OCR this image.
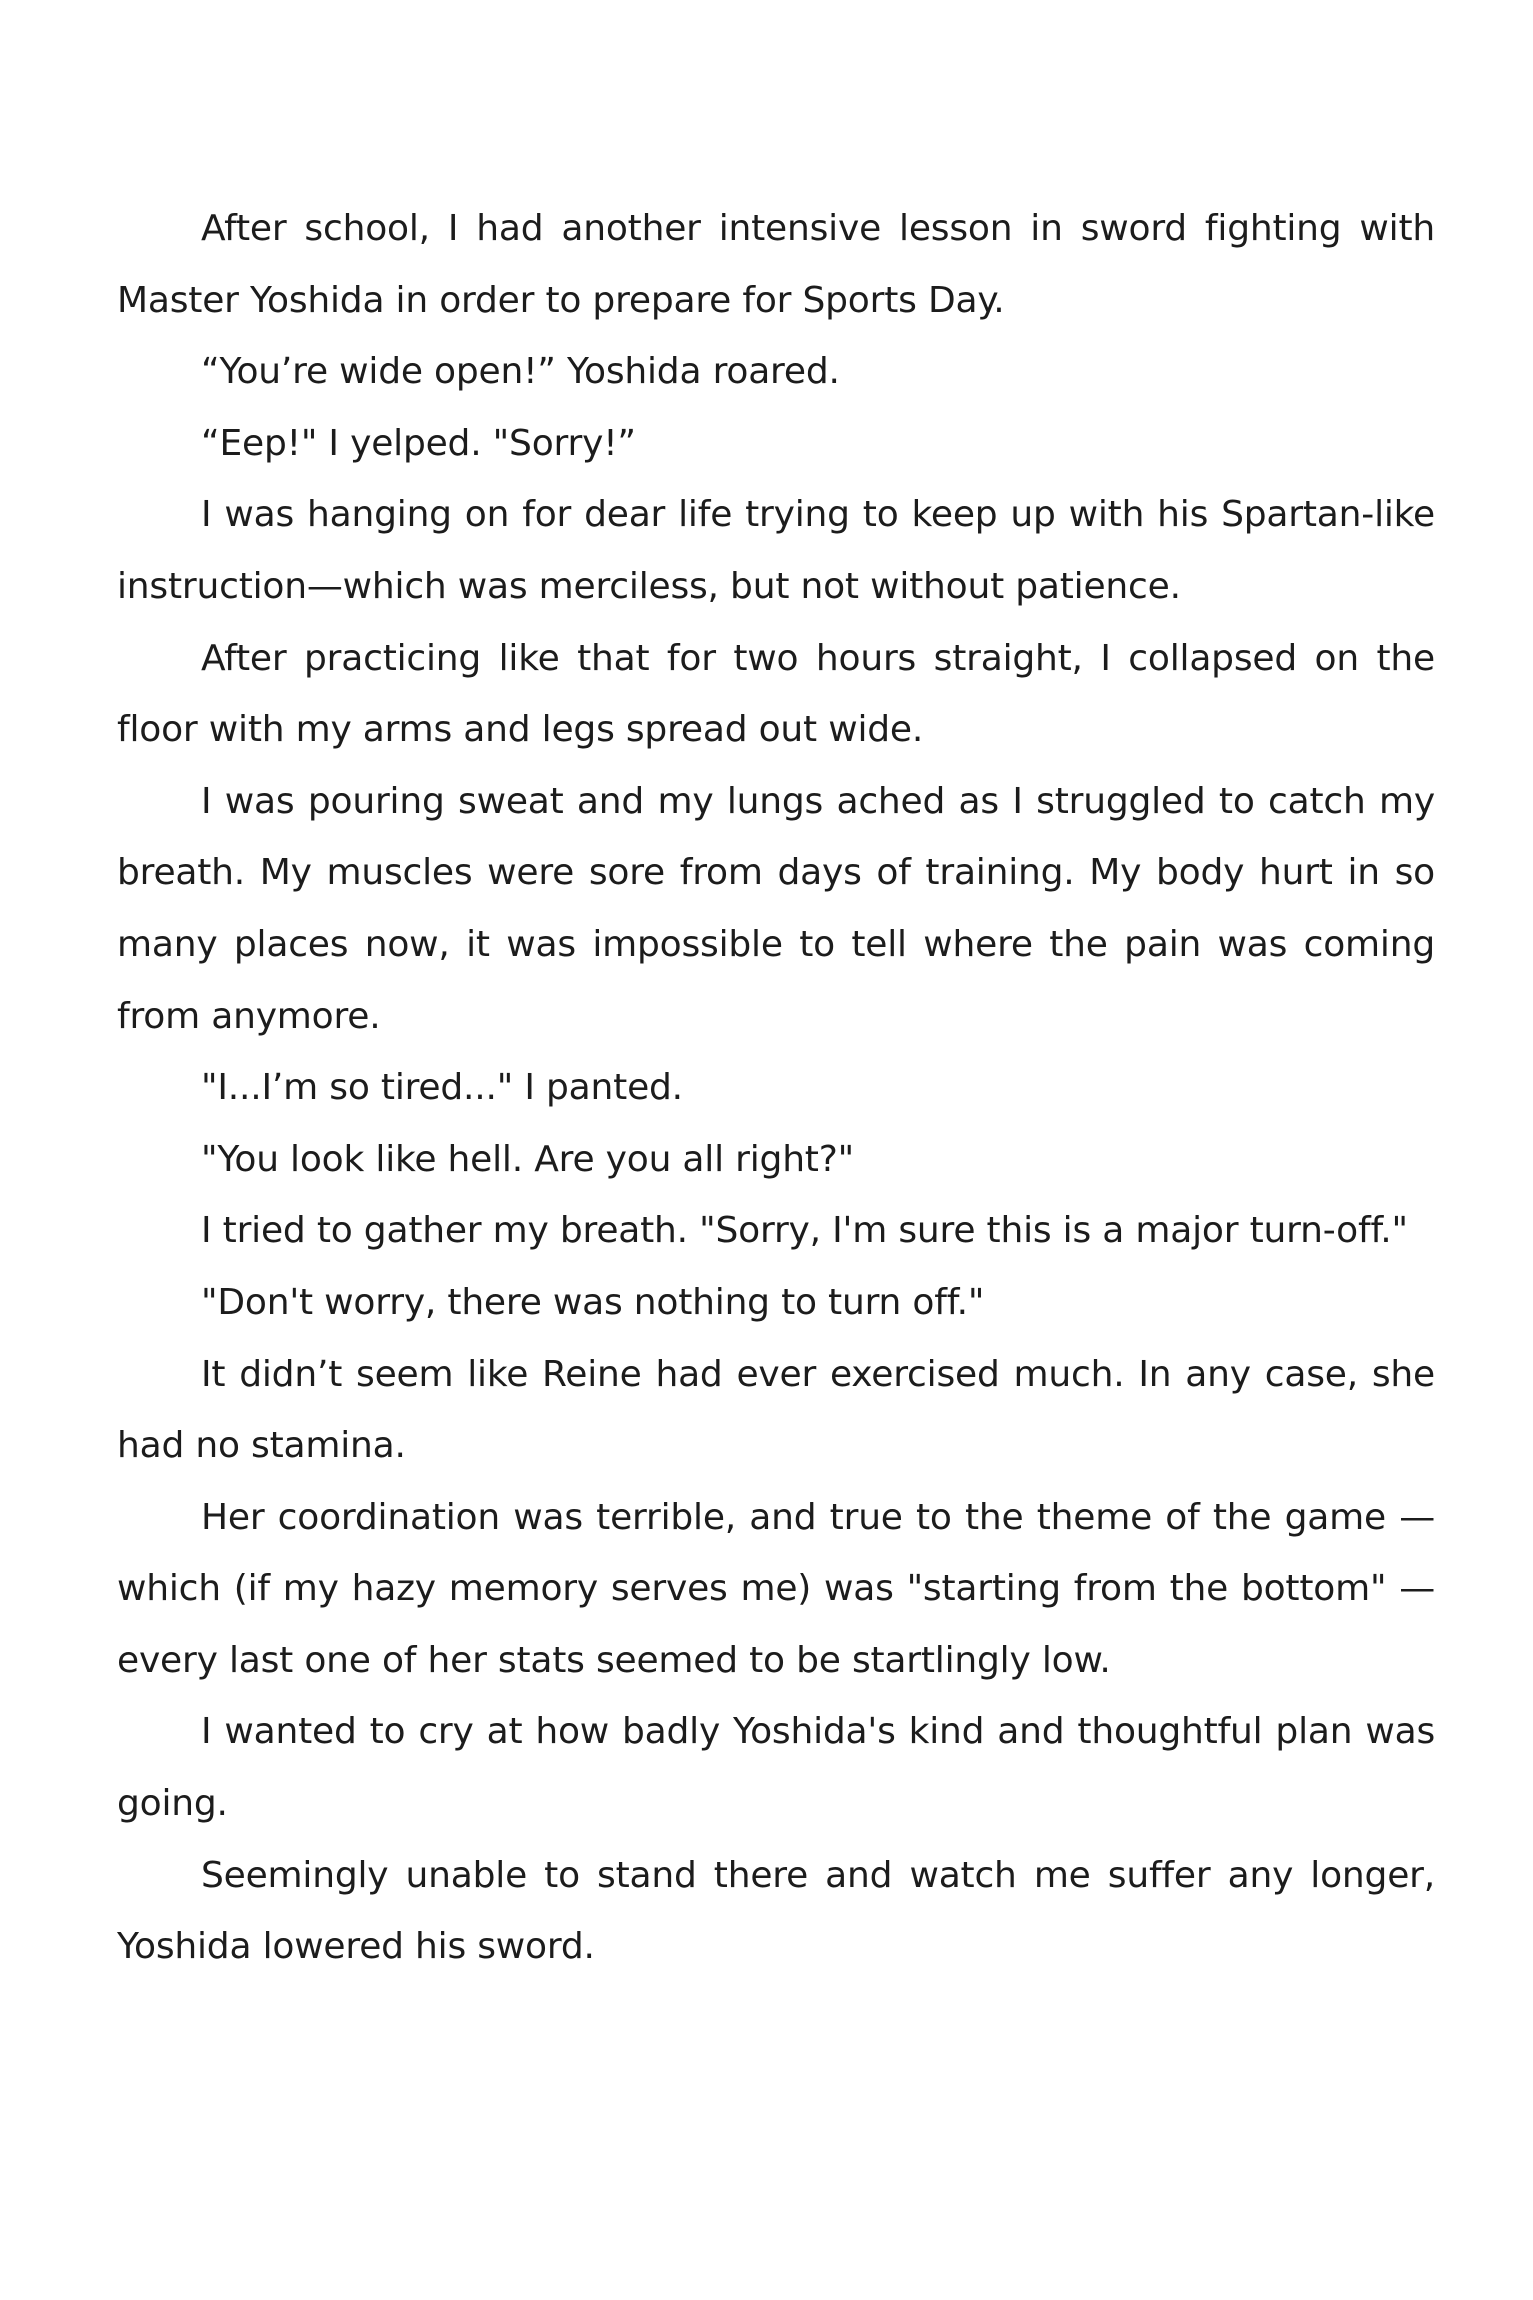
After school, I had another intensive lesson in sword fighting with Master Yoshida in order to prepare for Sports Day.

“You’re wide open!” Yoshida roared.

“Eep!" I yelped. "Sorry!”

I was hanging on for dear life trying to keep up with his Spartan-like instruction—which was merciless, but not without patience.

After practicing like that for two hours straight, I collapsed on the floor with my arms and legs spread out wide.

I was pouring sweat and my lungs ached as I struggled to catch my breath. My muscles were sore from days of training. My body hurt in so many places now, it was impossible to tell where the pain was coming from anymore.

"I...I’m so tired..." I panted.

"You look like hell. Are you all right?"

I tried to gather my breath. "Sorry, I'm sure this is a major turn-off."

"Don't worry, there was nothing to turn off."

It didn’t seem like Reine had ever exercised much. In any case, she had no stamina.

Her coordination was terrible, and true to the theme of the game — which (if my hazy memory serves me) was "starting from the bottom" — every last one of her stats seemed to be startlingly low.

I wanted to cry at how badly Yoshida's kind and thoughtful plan was going.

Seemingly unable to stand there and watch me suffer any longer, Yoshida lowered his sword.
